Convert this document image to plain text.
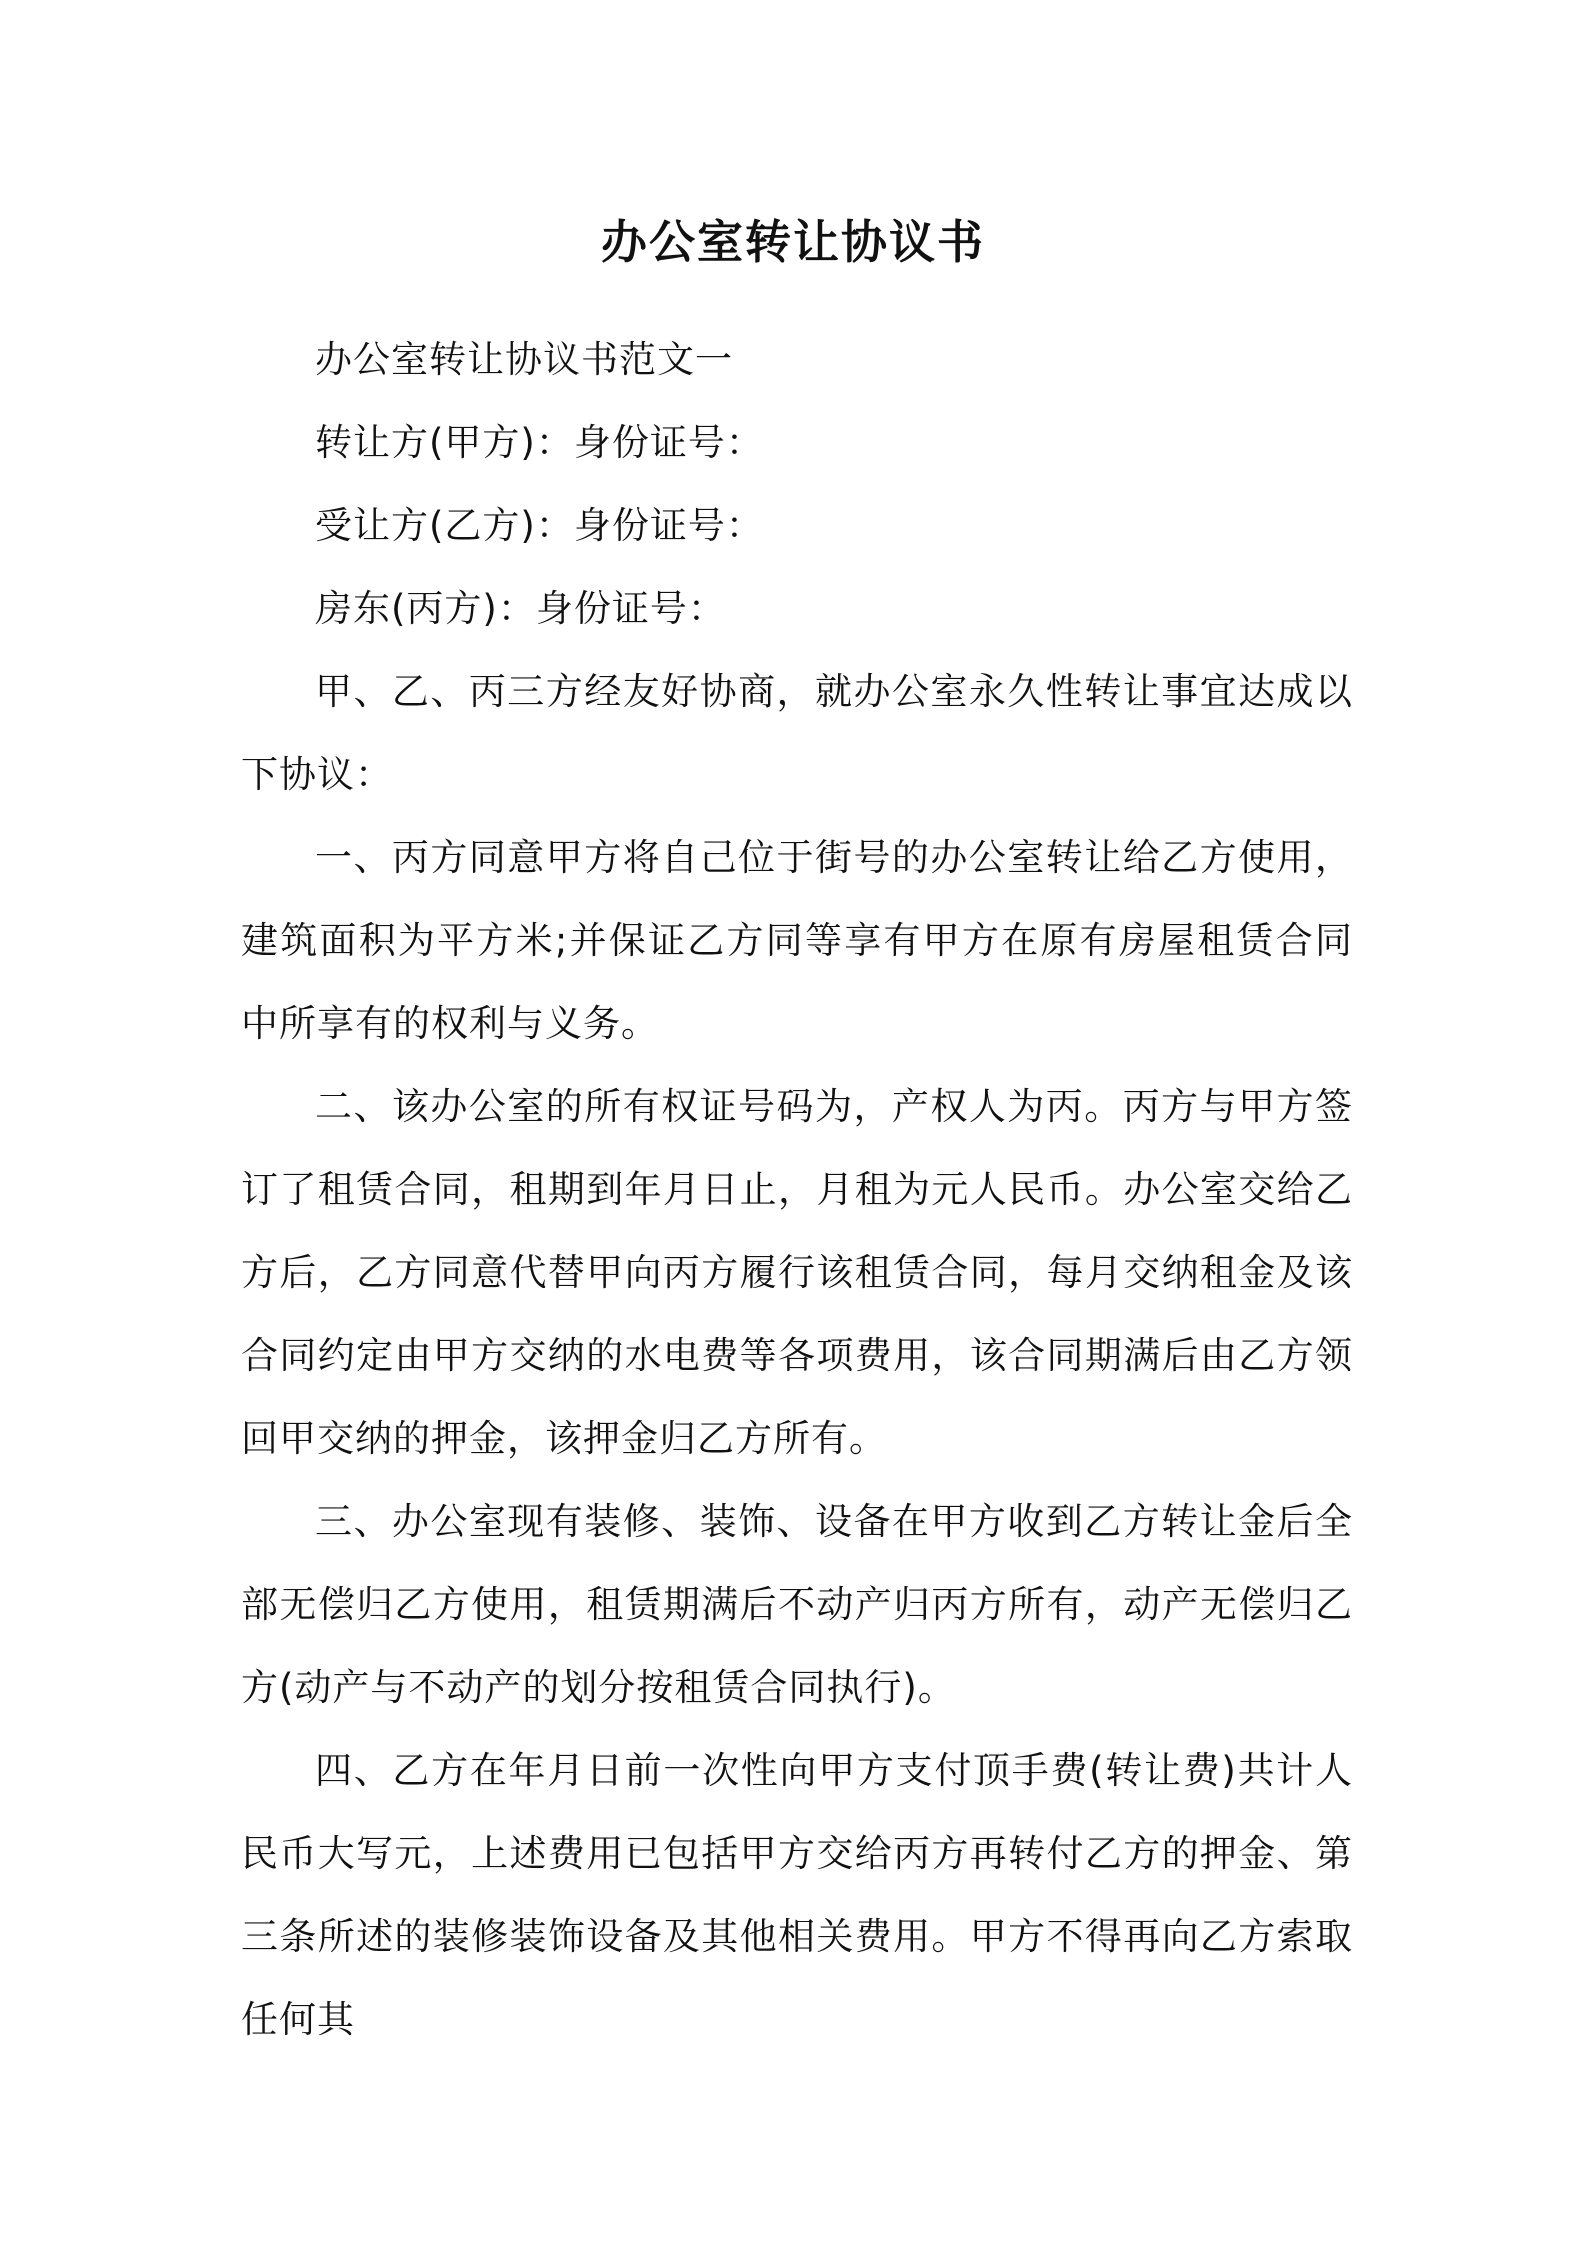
办公室转让协议书

办公室转让协议书范文一

转让方(甲方)：身份证号：

受让方(乙方)：身份证号：

房东(丙方)：身份证号：

甲、乙、丙三方经友好协商，就办公室永久性转让事宜达成以下协议：

一、丙方同意甲方将自己位于街号的办公室转让给乙方使用，建筑面积为平方米;并保证乙方同等享有甲方在原有房屋租赁合同中所享有的权利与义务。

二、该办公室的所有权证号码为，产权人为丙。丙方与甲方签订了租赁合同，租期到年月日止，月租为元人民币。办公室交给乙方后，乙方同意代替甲向丙方履行该租赁合同，每月交纳租金及该合同约定由甲方交纳的水电费等各项费用，该合同期满后由乙方领回甲交纳的押金，该押金归乙方所有。

三、办公室现有装修、装饰、设备在甲方收到乙方转让金后全部无偿归乙方使用，租赁期满后不动产归丙方所有，动产无偿归乙方(动产与不动产的划分按租赁合同执行)。

四、乙方在年月日前一次性向甲方支付顶手费(转让费)共计人民币大写元，上述费用已包括甲方交给丙方再转付乙方的押金、第三条所述的装修装饰设备及其他相关费用。甲方不得再向乙方索取任何其
